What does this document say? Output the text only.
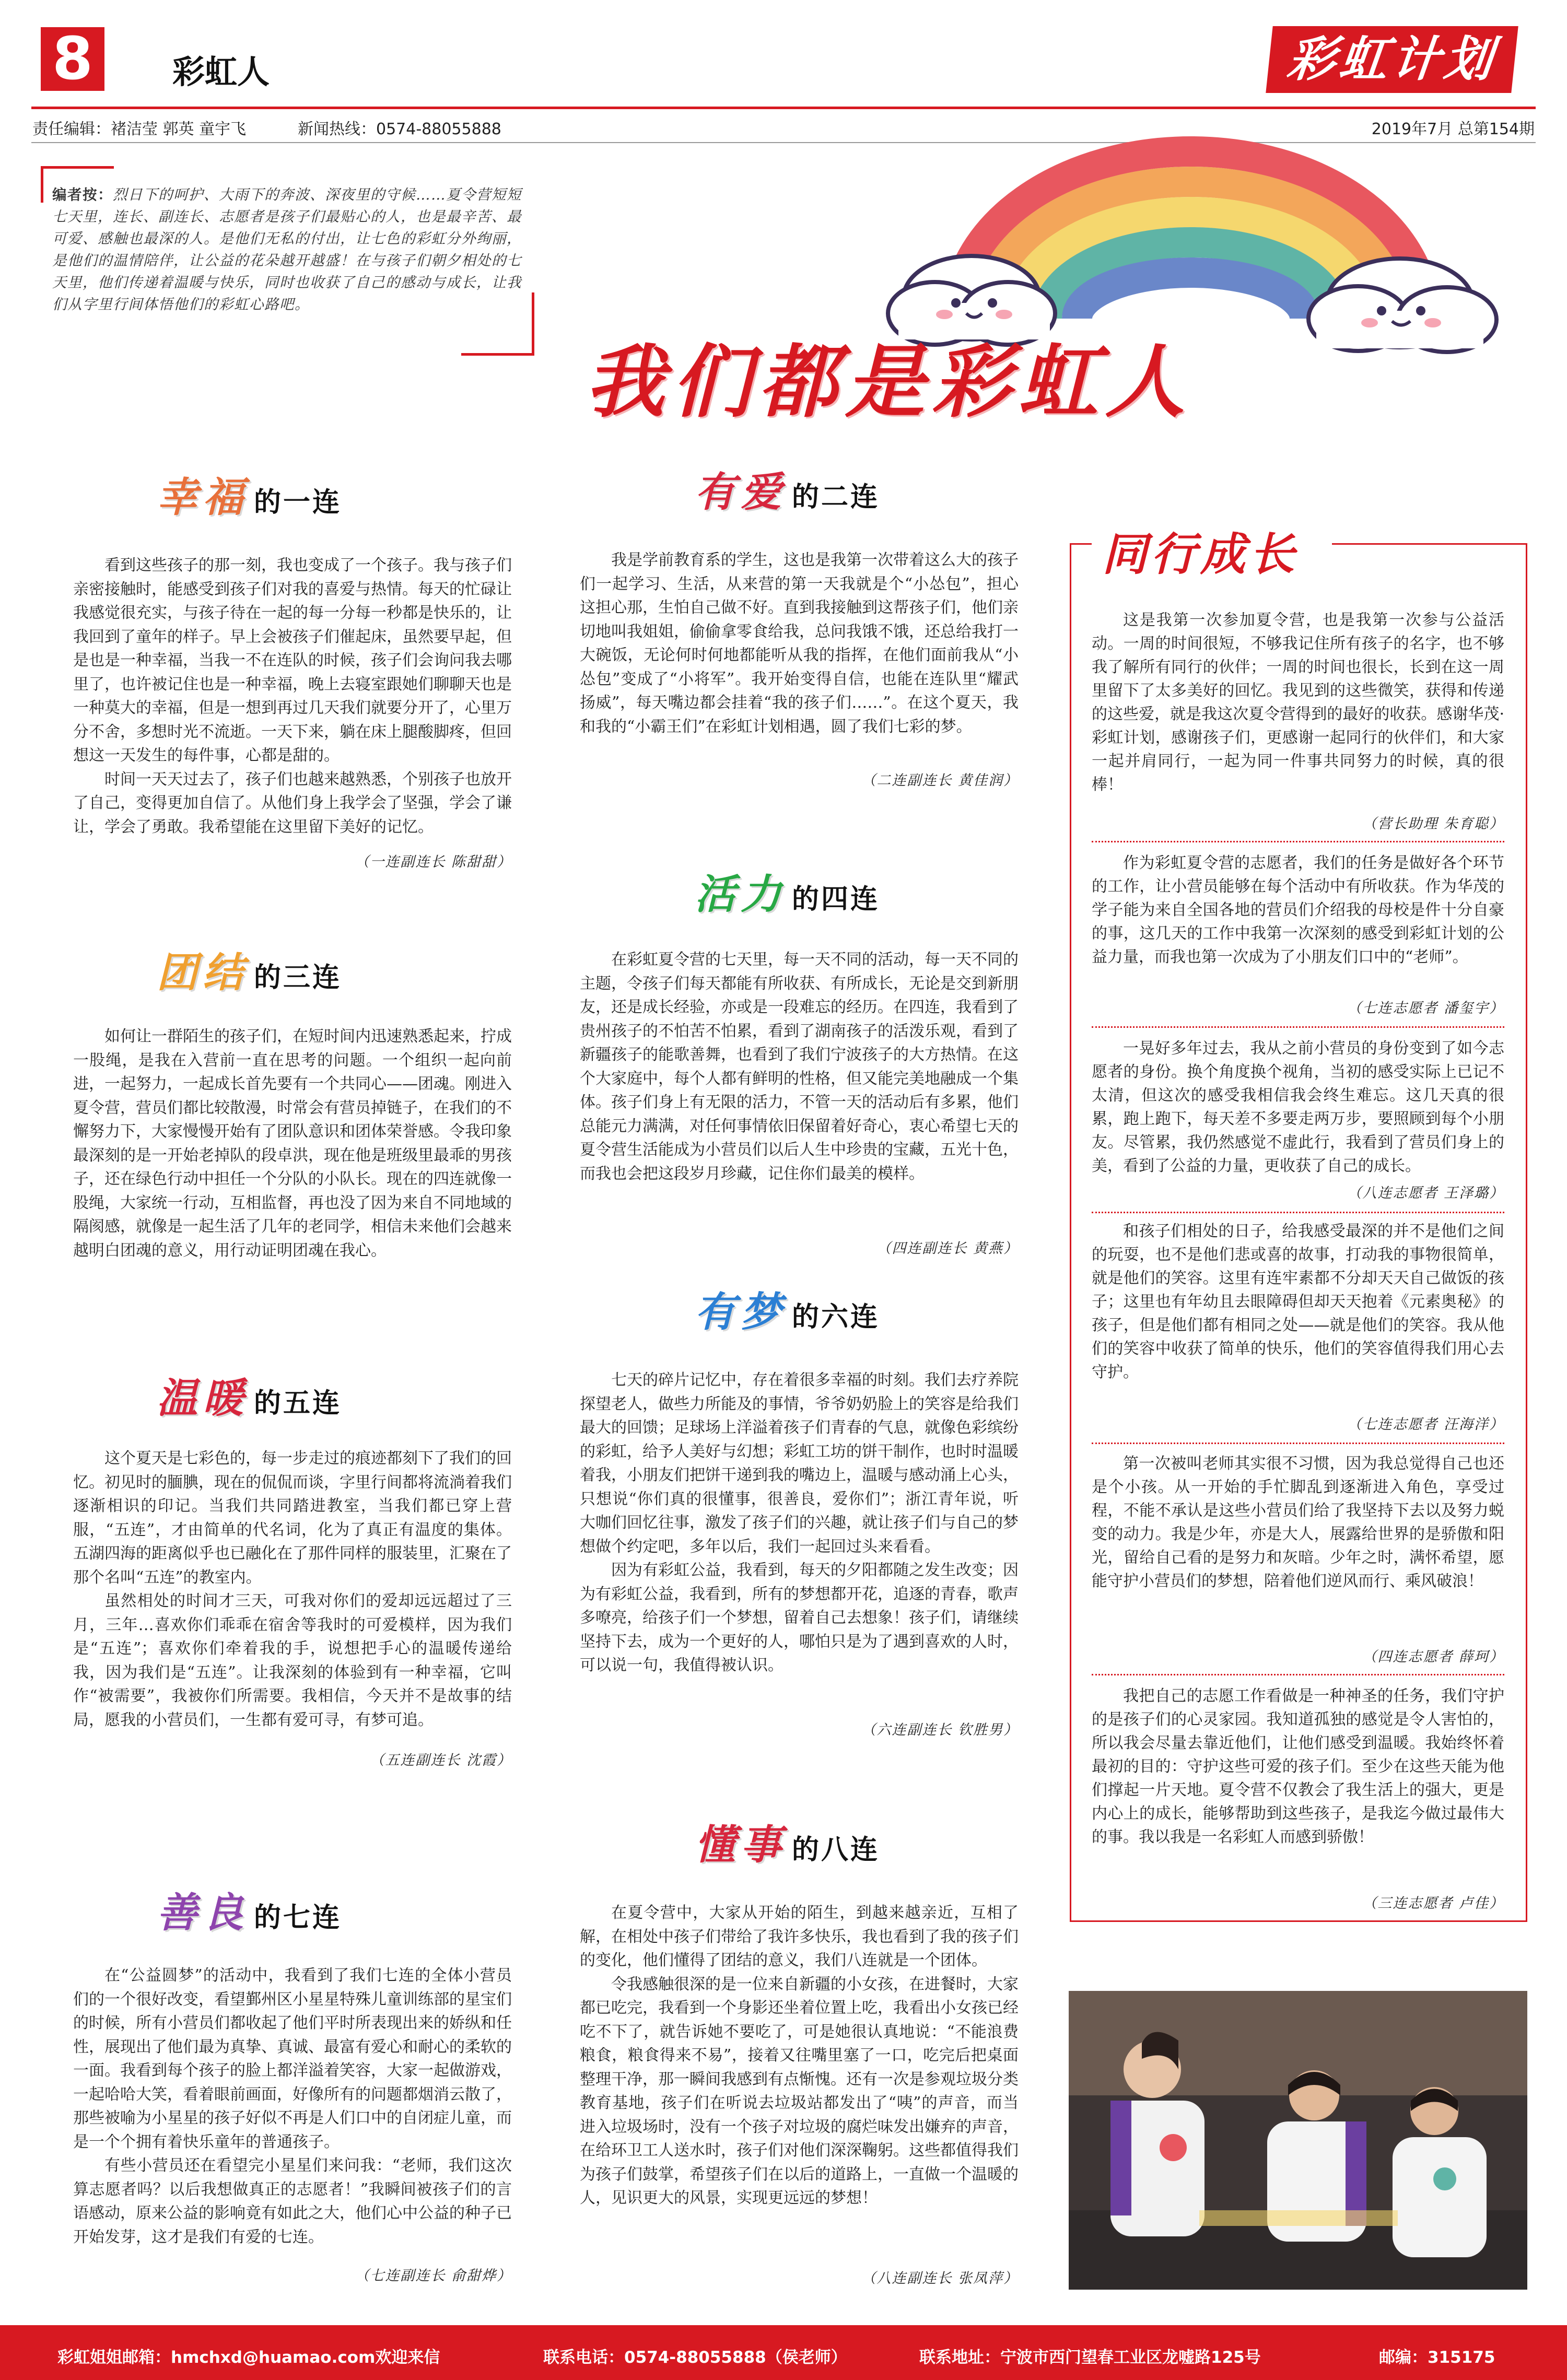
8	彩虹人	彩虹计划
责任编辑：褚洁莹 郭英 童宇飞	新闻热线：0574-88055888	2019年7月 总第154期
编者按：烈日下的呵护、大雨下的奔波、深夜里的守候……夏令营短短七天里，连长、副连长、志愿者是孩子们最贴心的人，也是最辛苦、最可爱、感触也最深的人。是他们无私的付出，让七色的彩虹分外绚丽，是他们的温情陪伴，让公益的花朵越开越盛！在与孩子们朝夕相处的七天里，他们传递着温暖与快乐，同时也收获了自己的感动与成长，让我们从字里行间体悟他们的彩虹心路吧。
我们都是彩虹人
幸福 的一连

看到这些孩子的那一刻，我也变成了一个孩子。我与孩子们亲密接触时，能感受到孩子们对我的喜爱与热情。每天的忙碌让我感觉很充实，与孩子待在一起的每一分每一秒都是快乐的，让我回到了童年的样子。早上会被孩子们催起床，虽然要早起，但是也是一种幸福，当我一不在连队的时候，孩子们会询问我去哪里了，也许被记住也是一种幸福，晚上去寝室跟她们聊聊天也是一种莫大的幸福，但是一想到再过几天我们就要分开了，心里万分不舍，多想时光不流逝。一天下来，躺在床上腿酸脚疼，但回想这一天发生的每件事，心都是甜的。

时间一天天过去了，孩子们也越来越熟悉，个别孩子也放开了自己，变得更加自信了。从他们身上我学会了坚强，学会了谦让，学会了勇敢。我希望能在这里留下美好的记忆。

（一连副连长 陈甜甜）
团结 的三连

如何让一群陌生的孩子们，在短时间内迅速熟悉起来，拧成一股绳，是我在入营前一直在思考的问题。一个组织一起向前进，一起努力，一起成长首先要有一个共同心——团魂。刚进入夏令营，营员们都比较散漫，时常会有营员掉链子，在我们的不懈努力下，大家慢慢开始有了团队意识和团体荣誉感。令我印象最深刻的是一开始老掉队的段卓洪，现在他是班级里最乖的男孩子，还在绿色行动中担任一个分队的小队长。现在的四连就像一股绳，大家统一行动，互相监督，再也没了因为来自不同地域的隔阂感，就像是一起生活了几年的老同学，相信未来他们会越来越明白团魂的意义，用行动证明团魂在我心。

温暖 的五连

这个夏天是七彩色的，每一步走过的痕迹都刻下了我们的回忆。初见时的腼腆，现在的侃侃而谈，字里行间都将流淌着我们逐渐相识的印记。当我们共同踏进教室，当我们都已穿上营服，“五连”，才由简单的代名词，化为了真正有温度的集体。五湖四海的距离似乎也已融化在了那件同样的服装里，汇聚在了那个名叫“五连”的教室内。

虽然相处的时间才三天，可我对你们的爱却远远超过了三月，三年…喜欢你们乖乖在宿舍等我时的可爱模样，因为我们是“五连”；喜欢你们牵着我的手，说想把手心的温暖传递给我，因为我们是“五连”。让我深刻的体验到有一种幸福，它叫作“被需要”，我被你们所需要。我相信，今天并不是故事的结局，愿我的小营员们，一生都有爱可寻，有梦可追。

（五连副连长 沈霞）
善良 的七连

在“公益圆梦”的活动中，我看到了我们七连的全体小营员们的一个很好改变，看望鄞州区小星星特殊儿童训练部的星宝们的时候，所有小营员们都收起了他们平时所表现出来的娇纵和任性，展现出了他们最为真挚、真诚、最富有爱心和耐心的柔软的一面。我看到每个孩子的脸上都洋溢着笑容，大家一起做游戏，一起哈哈大笑，看着眼前画面，好像所有的问题都烟消云散了，那些被喻为小星星的孩子好似不再是人们口中的自闭症儿童，而是一个个拥有着快乐童年的普通孩子。

有些小营员还在看望完小星星们来问我：“老师，我们这次算志愿者吗？以后我想做真正的志愿者！”我瞬间被孩子们的言语感动，原来公益的影响竟有如此之大，他们心中公益的种子已开始发芽，这才是我们有爱的七连。

（七连副连长 俞甜烨）
有爱 的二连

我是学前教育系的学生，这也是我第一次带着这么大的孩子们一起学习、生活，从来营的第一天我就是个“小怂包”，担心这担心那，生怕自己做不好。直到我接触到这帮孩子们，他们亲切地叫我姐姐，偷偷拿零食给我，总问我饿不饿，还总给我打一大碗饭，无论何时何地都能听从我的指挥，在他们面前我从“小怂包”变成了“小将军”。我开始变得自信，也能在连队里“耀武扬威”，每天嘴边都会挂着“我的孩子们……”。在这个夏天，我和我的“小霸王们”在彩虹计划相遇，圆了我们七彩的梦。

（二连副连长 黄佳润）
活力 的四连

在彩虹夏令营的七天里，每一天不同的活动，每一天不同的主题，令孩子们每天都能有所收获、有所成长，无论是交到新朋友，还是成长经验，亦或是一段难忘的经历。在四连，我看到了贵州孩子的不怕苦不怕累，看到了湖南孩子的活泼乐观，看到了新疆孩子的能歌善舞，也看到了我们宁波孩子的大方热情。在这个大家庭中，每个人都有鲜明的性格，但又能完美地融成一个集体。孩子们身上有无限的活力，不管一天的活动后有多累，他们总能元力满满，对任何事情依旧保留着好奇心，衷心希望七天的夏令营生活能成为小营员们以后人生中珍贵的宝藏，五光十色，而我也会把这段岁月珍藏，记住你们最美的模样。

（四连副连长 黄燕）
有梦 的六连

七天的碎片记忆中，存在着很多幸福的时刻。我们去疗养院探望老人，做些力所能及的事情，爷爷奶奶脸上的笑容是给我们最大的回馈；足球场上洋溢着孩子们青春的气息，就像色彩缤纷的彩虹，给予人美好与幻想；彩虹工坊的饼干制作，也时时温暖着我，小朋友们把饼干递到我的嘴边上，温暖与感动涌上心头，只想说“你们真的很懂事，很善良，爱你们”；浙江青年说，听大咖们回忆往事，激发了孩子们的兴趣，就让孩子们与自己的梦想做个约定吧，多年以后，我们一起回过头来看看。

因为有彩虹公益，我看到，每天的夕阳都随之发生改变；因为有彩虹公益，我看到，所有的梦想都开花，追逐的青春，歌声多嘹亮，给孩子们一个梦想，留着自己去想象！孩子们，请继续坚持下去，成为一个更好的人，哪怕只是为了遇到喜欢的人时，可以说一句，我值得被认识。

（六连副连长 钦胜男）
懂事 的八连

在夏令营中，大家从开始的陌生，到越来越亲近，互相了解，在相处中孩子们带给了我许多快乐，我也看到了我的孩子们的变化，他们懂得了团结的意义，我们八连就是一个团体。

令我感触很深的是一位来自新疆的小女孩，在进餐时，大家都已吃完，我看到一个身影还坐着位置上吃，我看出小女孩已经吃不下了，就告诉她不要吃了，可是她很认真地说：“不能浪费粮食，粮食得来不易”，接着又往嘴里塞了一口，吃完后把桌面整理干净，那一瞬间我感到有点惭愧。还有一次是参观垃圾分类教育基地，孩子们在听说去垃圾站都发出了“咦”的声音，而当进入垃圾场时，没有一个孩子对垃圾的腐烂味发出嫌弃的声音，在给环卫工人送水时，孩子们对他们深深鞠躬。这些都值得我们为孩子们鼓掌，希望孩子们在以后的道路上，一直做一个温暖的人，见识更大的风景，实现更远远的梦想！

（八连副连长 张凤萍）
同行成长

这是我第一次参加夏令营，也是我第一次参与公益活动。一周的时间很短，不够我记住所有孩子的名字，也不够我了解所有同行的伙伴；一周的时间也很长，长到在这一周里留下了太多美好的回忆。我见到的这些微笑，获得和传递的这些爱，就是我这次夏令营得到的最好的收获。感谢华茂·彩虹计划，感谢孩子们，更感谢一起同行的伙伴们，和大家一起并肩同行，一起为同一件事共同努力的时候，真的很棒！

（营长助理 朱育聪）

作为彩虹夏令营的志愿者，我们的任务是做好各个环节的工作，让小营员能够在每个活动中有所收获。作为华茂的学子能为来自全国各地的营员们介绍我的母校是件十分自豪的事，这几天的工作中我第一次深刻的感受到彩虹计划的公益力量，而我也第一次成为了小朋友们口中的“老师”。

（七连志愿者 潘玺宇）

一晃好多年过去，我从之前小营员的身份变到了如今志愿者的身份。换个角度换个视角，当初的感受实际上已记不太清，但这次的感受我相信我会终生难忘。这几天真的很累，跑上跑下，每天差不多要走两万步，要照顾到每个小朋友。尽管累，我仍然感觉不虚此行，我看到了营员们身上的美，看到了公益的力量，更收获了自己的成长。

（八连志愿者 王泽璐）

和孩子们相处的日子，给我感受最深的并不是他们之间的玩耍，也不是他们悲或喜的故事，打动我的事物很简单，就是他们的笑容。这里有连牢素都不分却天天自己做饭的孩子；这里也有年幼且去眼障碍但却天天抱着《元素奥秘》的孩子，但是他们都有相同之处——就是他们的笑容。我从他们的笑容中收获了简单的快乐，他们的笑容值得我们用心去守护。

（七连志愿者 汪海洋）

第一次被叫老师其实很不习惯，因为我总觉得自己也还是个小孩。从一开始的手忙脚乱到逐渐进入角色，享受过程，不能不承认是这些小营员们给了我坚持下去以及努力蜕变的动力。我是少年，亦是大人，展露给世界的是骄傲和阳光，留给自己看的是努力和灰暗。少年之时，满怀希望，愿能守护小营员们的梦想，陪着他们逆风而行、乘风破浪！

（四连志愿者 薛珂）

我把自己的志愿工作看做是一种神圣的任务，我们守护的是孩子们的心灵家园。我知道孤独的感觉是令人害怕的，所以我会尽量去靠近他们，让他们感受到温暖。我始终怀着最初的目的：守护这些可爱的孩子们。至少在这些天能为他们撑起一片天地。夏令营不仅教会了我生活上的强大，更是内心上的成长，能够帮助到这些孩子，是我迄今做过最伟大的事。我以我是一名彩虹人而感到骄傲！

（三连志愿者 卢佳）
彩虹姐姐邮箱：hmchxd@huamao.com欢迎来信	联系电话：0574-88055888（侯老师）	联系地址：宁波市西门望春工业区龙嘘路125号	邮编：315175
